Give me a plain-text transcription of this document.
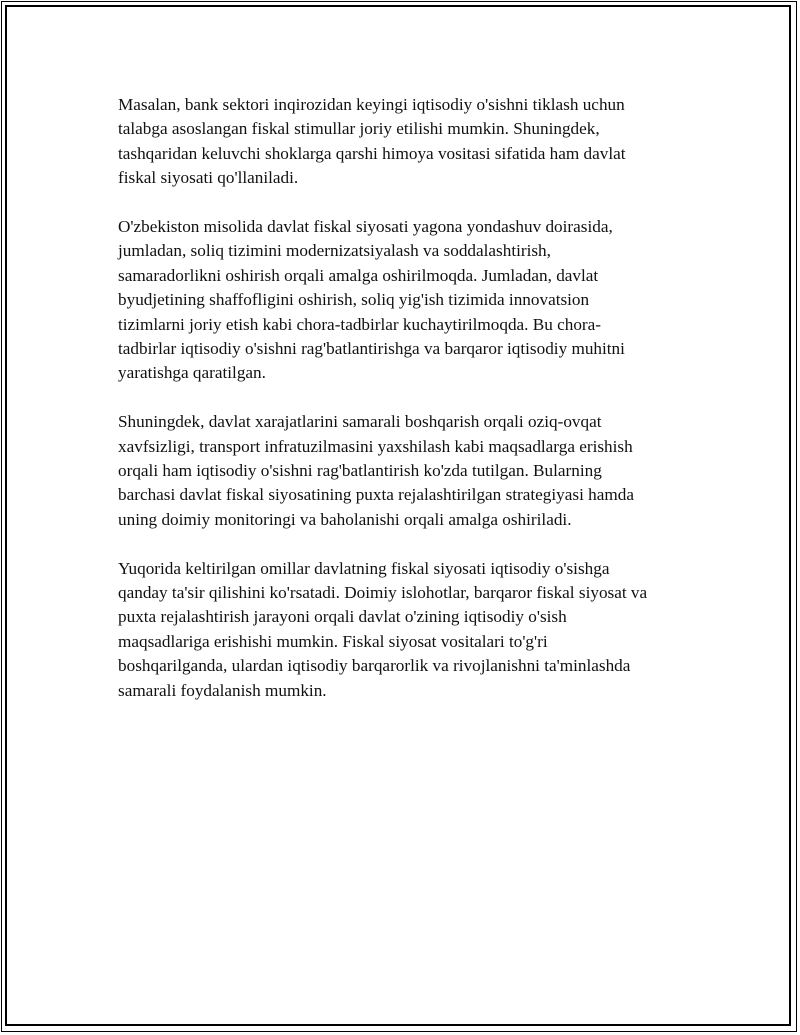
Masalan, bank sektori inqirozidan keyingi iqtisodiy o'sishni tiklash uchun
talabga asoslangan fiskal stimullar joriy etilishi mumkin. Shuningdek,
tashqaridan keluvchi shoklarga qarshi himoya vositasi sifatida ham davlat
fiskal siyosati qo'llaniladi.

O'zbekiston misolida davlat fiskal siyosati yagona yondashuv doirasida,
jumladan, soliq tizimini modernizatsiyalash va soddalashtirish,
samaradorlikni oshirish orqali amalga oshirilmoqda. Jumladan, davlat
byudjetining shaffofligini oshirish, soliq yig'ish tizimida innovatsion
tizimlarni joriy etish kabi chora-tadbirlar kuchaytirilmoqda. Bu chora-
tadbirlar iqtisodiy o'sishni rag'batlantirishga va barqaror iqtisodiy muhitni
yaratishga qaratilgan.

Shuningdek, davlat xarajatlarini samarali boshqarish orqali oziq-ovqat
xavfsizligi, transport infratuzilmasini yaxshilash kabi maqsadlarga erishish
orqali ham iqtisodiy o'sishni rag'batlantirish ko'zda tutilgan. Bularning
barchasi davlat fiskal siyosatining puxta rejalashtirilgan strategiyasi hamda
uning doimiy monitoringi va baholanishi orqali amalga oshiriladi.

Yuqorida keltirilgan omillar davlatning fiskal siyosati iqtisodiy o'sishga
qanday ta'sir qilishini ko'rsatadi. Doimiy islohotlar, barqaror fiskal siyosat va
puxta rejalashtirish jarayoni orqali davlat o'zining iqtisodiy o'sish
maqsadlariga erishishi mumkin. Fiskal siyosat vositalari to'g'ri
boshqarilganda, ulardan iqtisodiy barqarorlik va rivojlanishni ta'minlashda
samarali foydalanish mumkin.
